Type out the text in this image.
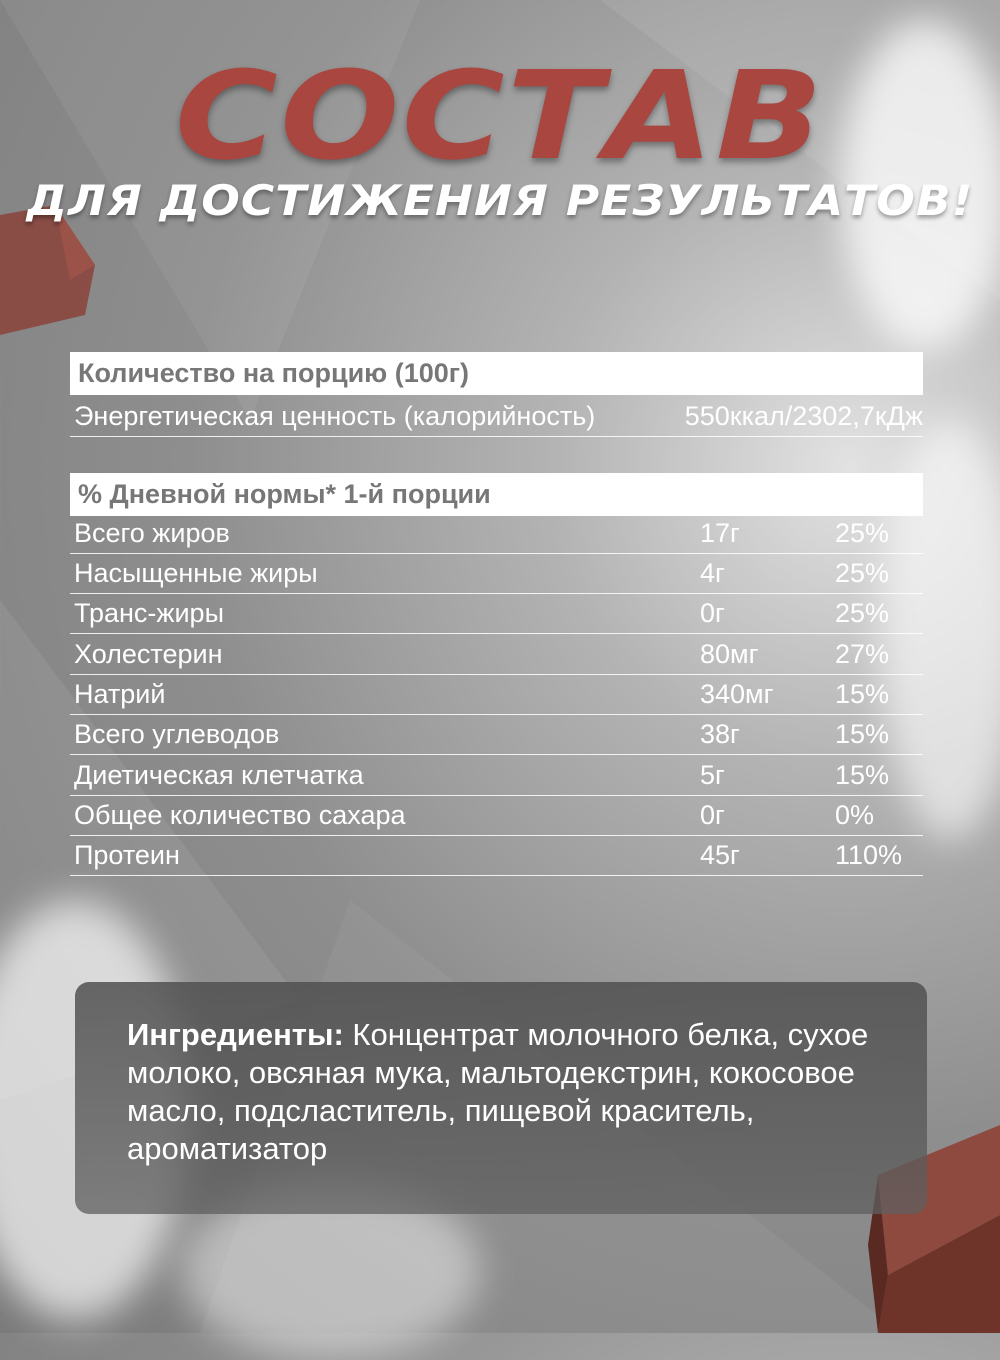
СОСТАВ
ДЛЯ ДОСТИЖЕНИЯ РЕЗУЛЬТАТОВ!
Количество на порцию (100г)
Энергетическая ценность (калорийность)	550ккал/2302,7кДж
% Дневной нормы* 1-й порции
Всего жиров	17г	25%
Насыщенные жиры	4г	25%
Транс-жиры	0г	25%
Холестерин	80мг	27%
Натрий	340мг 15%
Всего углеводов	38г	15%
Диетическая клетчатка	5г	15%
Общее количество сахара	0г	0%
Протеин	45г	110%
Ингредиенты: Концентрат молочного белка, сухое молоко, овсяная мука, мальтодекстрин, кокосовое масло, подсластитель, пищевой краситель, ароматизатор
